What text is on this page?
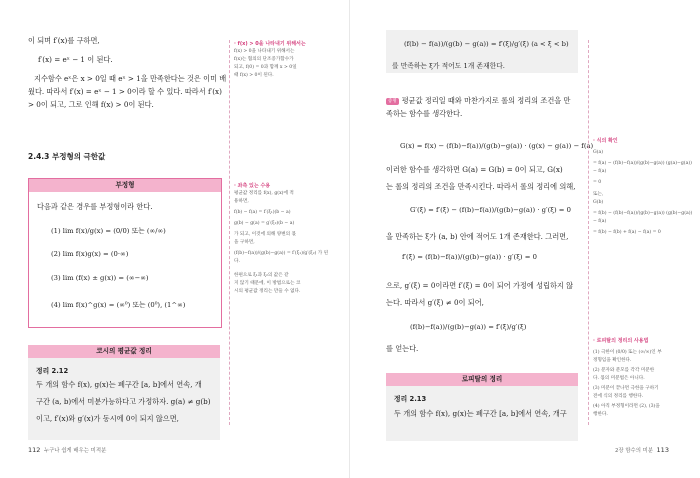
이 되며 f′(x)를 구하면,

f′(x) = eˣ − 1 이 된다.

지수함수 eˣ은 x > 0일 때 eˣ > 1을 만족한다는 것은 이미 배

웠다. 따라서 f′(x) = eˣ − 1 > 0이라 할 수 있다. 따라서 f′(x)

> 0이 되고, 그로 인해 f(x) > 0이 된다.

2.4.3 부정형의 극한값
부정형
다음과 같은 경우를 부정형이라 한다.
(1) lim f(x)/g(x) = (0/0) 또는 (∞/∞)
(2) lim f(x)g(x) = (0·∞)
(3) lim (f(x) ± g(x)) = (∞−∞)
(4) lim f(x)^g(x) = (∞⁰) 또는 (0⁰), (1^∞)
코시의 평균값 정리
정리 2.12

두 개의 함수 f(x), g(x)는 폐구간 [a, b]에서 연속, 개

구간 (a, b)에서 미분가능하다고 가정하자. g(a) ≠ g(b)

이고, f′(x)와 g′(x)가 동시에 0이 되지 않으면,

· f(x) > 0을 나타내기 위해서는
f(x) > 0을 나타내기 위해서는
f(x)는 협의의 단조증가함수가
되고, f(0) = 0과 함께 x > 0일
때 f(x) > 0이 된다.
· 좌측 있는 수용
평균값 정리를 f(x), g(x)에 적
용하면,
f(b) − f(a) = f′(ξ₁)(b − a)
g(b) − g(a) = g′(ξ₂)(b − a)
가 되고, 이것에 의해 양변의 몫
을 구하면,
(f(b)−f(a))/(g(b)−g(a)) = f′(ξ₁)/g′(ξ₂) 가 된다.
한편으로 ξ₁과 ξ₂의 값은 같
지 않기 때문에, 이 방법으로는 코
시의 평균값 정리는 만들 수 없다.
112 누구나 쉽게 배우는 미적분
(f(b) − f(a))/(g(b) − g(a)) = f′(ξ)/g′(ξ) (a < ξ < b)
를 만족하는 ξ가 적어도 1개 존재한다.

증명 평균값 정리일 때와 마찬가지로 롤의 정리의 조건을 만

족하는 함수를 생각한다.

G(x) = f(x) − (f(b)−f(a))/(g(b)−g(a)) · (g(x) − g(a)) − f(a)

이러한 함수를 생각하면 G(a) = G(b) = 0이 되고, G(x)

는 롤의 정리의 조건을 만족시킨다. 따라서 롤의 정리에 의해,

G′(ξ) = f′(ξ) − (f(b)−f(a))/(g(b)−g(a)) · g′(ξ) = 0
을 만족하는 ξ가 (a, b) 안에 적어도 1개 존재한다. 그러면,
f′(ξ) = (f(b)−f(a))/(g(b)−g(a)) · g′(ξ) = 0

으로, g′(ξ) = 0이라면 f′(ξ) = 0이 되어 가정에 성립하지 않

는다. 따라서 g′(ξ) ≠ 0이 되어,

(f(b)−f(a))/(g(b)−g(a)) = f′(ξ)/g′(ξ)
를 얻는다.
로피탈의 정리
정리 2.13
두 개의 함수 f(x), g(x)는 폐구간 [a, b]에서 연속, 개구
· 식의 확인
G(a)
= f(a) − (f(b)−f(a))/(g(b)−g(a)) (g(a)−g(a)) − f(a)
= 0
또는,
G(b)
= f(b) − (f(b)−f(a))/(g(b)−g(a)) (g(b)−g(a)) − f(a)
= f(b) − f(b) + f(a) − f(a) = 0
· 로피탈의 정리의 사용법
(1) 극한이 (0/0) 또는 (∞/∞)인 부
정형임을 확인한다.
(2) 분자와 분모를 각각 미분한
다. 몫의 미분법은 아니다.
(3) 미분이 끝나면 극한을 구하기
전에 식의 정리를 행한다.
(4) 아직 부정형이라면 (2), (3)을
행한다.
2장 함수의 미분 113
